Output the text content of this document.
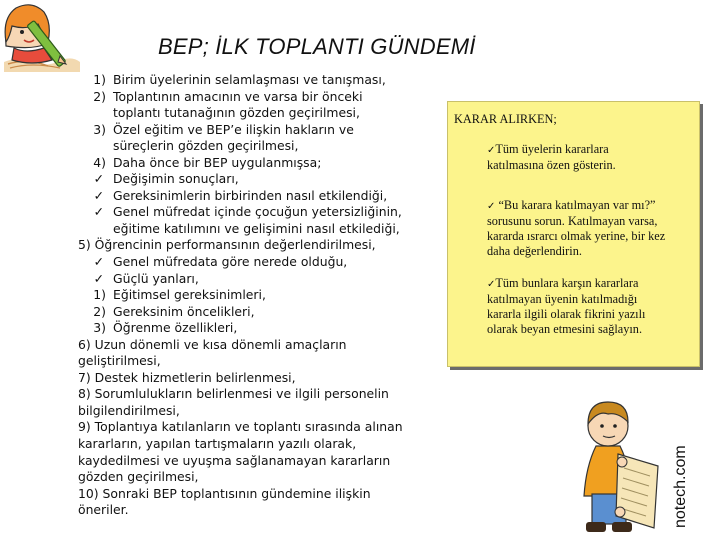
BEP; İLK TOPLANTI GÜNDEMİ
1) Birim üyelerinin selamlaşması ve tanışması,
2) Toplantının amacının ve varsa bir önceki
toplantı tutanağının gözden geçirilmesi,
3) Özel eğitim ve BEP’e ilişkin hakların ve
süreçlerin gözden geçirilmesi,
4) Daha önce bir BEP uygulanmışsa;
✓ Değişimin sonuçları,
✓ Gereksinimlerin birbirinden nasıl etkilendiği,
✓ Genel müfredat içinde çocuğun yetersizliğinin,
eğitime katılımını ve gelişimini nasıl etkilediği,
5) Öğrencinin performansının değerlendirilmesi,
✓ Genel müfredata göre nerede olduğu,
✓ Güçlü yanları,
1) Eğitimsel gereksinimleri,
2) Gereksinim öncelikleri,
3) Öğrenme özellikleri,
6) Uzun dönemli ve kısa dönemli amaçların
geliştirilmesi,
7) Destek hizmetlerin belirlenmesi,
8) Sorumlulukların belirlenmesi ve ilgili personelin
bilgilendirilmesi,
9) Toplantıya katılanların ve toplantı sırasında alınan
kararların, yapılan tartışmaların yazılı olarak,
kaydedilmesi ve uyuşma sağlanamayan kararların
gözden geçirilmesi,
10) Sonraki BEP toplantısının gündemine ilişkin
öneriler.
KARAR ALIRKEN;
✓Tüm üyelerin kararlara
katılmasına özen gösterin.
✓ “Bu karara katılmayan var mı?”
sorusunu sorun. Katılmayan varsa,
kararda ısrarcı olmak yerine, bir kez
daha değerlendirin.
✓Tüm bunlara karşın kararlara
katılmayan üyenin katılmadığı
kararla ilgili olarak fikrini yazılı
olarak beyan etmesini sağlayın.
notech.com
